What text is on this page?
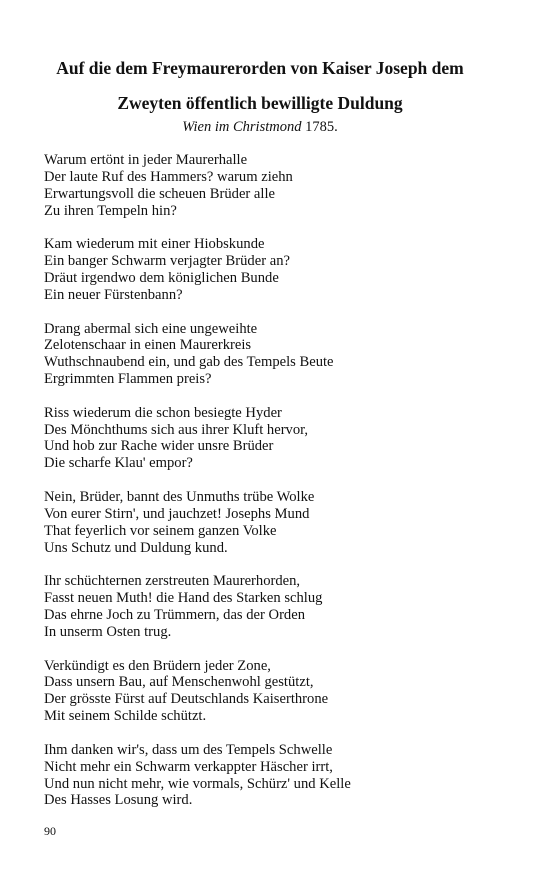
Auf die dem Freymaurerorden von Kaiser Joseph dem
Zweyten öffentlich bewilligte Duldung
Wien im Christmond 1785.
Warum ertönt in jeder Maurerhalle
Der laute Ruf des Hammers? warum ziehn
Erwartungsvoll die scheuen Brüder alle
Zu ihren Tempeln hin?
Kam wiederum mit einer Hiobskunde
Ein banger Schwarm verjagter Brüder an?
Dräut irgendwo dem königlichen Bunde
Ein neuer Fürstenbann?
Drang abermal sich eine ungeweihte
Zelotenschaar in einen Maurerkreis
Wuthschnaubend ein, und gab des Tempels Beute
Ergrimmten Flammen preis?
Riss wiederum die schon besiegte Hyder
Des Mönchthums sich aus ihrer Kluft hervor,
Und hob zur Rache wider unsre Brüder
Die scharfe Klau' empor?
Nein, Brüder, bannt des Unmuths trübe Wolke
Von eurer Stirn', und jauchzet! Josephs Mund
That feyerlich vor seinem ganzen Volke
Uns Schutz und Duldung kund.
Ihr schüchternen zerstreuten Maurerhorden,
Fasst neuen Muth! die Hand des Starken schlug
Das ehrne Joch zu Trümmern, das der Orden
In unserm Osten trug.
Verkündigt es den Brüdern jeder Zone,
Dass unsern Bau, auf Menschenwohl gestützt,
Der grösste Fürst auf Deutschlands Kaiserthrone
Mit seinem Schilde schützt.
Ihm danken wir's, dass um des Tempels Schwelle
Nicht mehr ein Schwarm verkappter Häscher irrt,
Und nun nicht mehr, wie vormals, Schürz' und Kelle
Des Hasses Losung wird.
90
